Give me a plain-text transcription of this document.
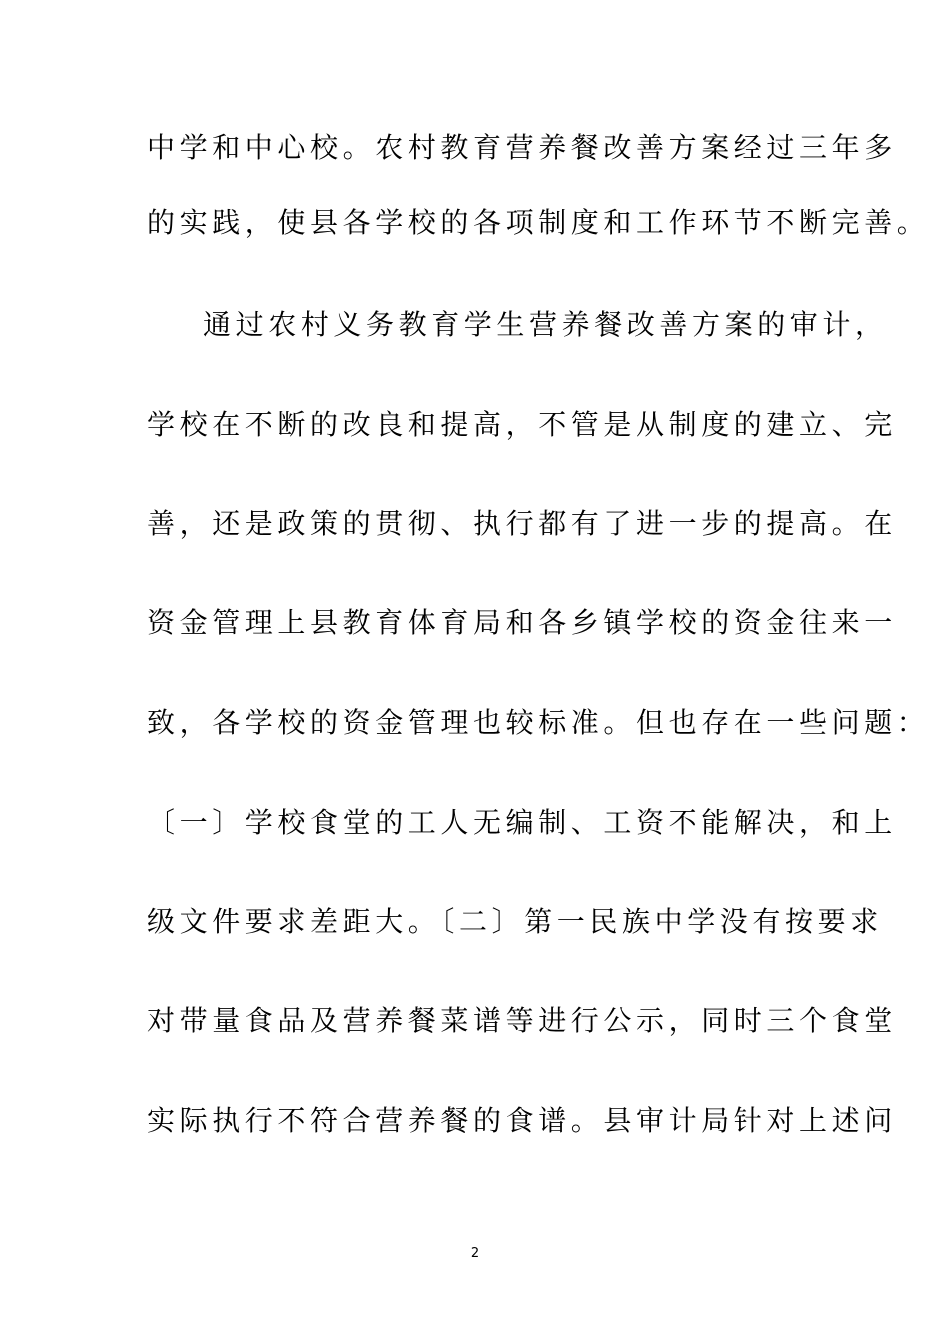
中学和中心校。农村教育营养餐改善方案经过三年多
的实践，使县各学校的各项制度和工作环节不断完善。
通过农村义务教育学生营养餐改善方案的审计，
学校在不断的改良和提高，不管是从制度的建立、完
善，还是政策的贯彻、执行都有了进一步的提高。在
资金管理上县教育体育局和各乡镇学校的资金往来一
致，各学校的资金管理也较标准。但也存在一些问题：
〔一〕学校食堂的工人无编制、工资不能解决，和上
级文件要求差距大。〔二〕第一民族中学没有按要求
对带量食品及营养餐菜谱等进行公示，同时三个食堂
实际执行不符合营养餐的食谱。县审计局针对上述问
2
